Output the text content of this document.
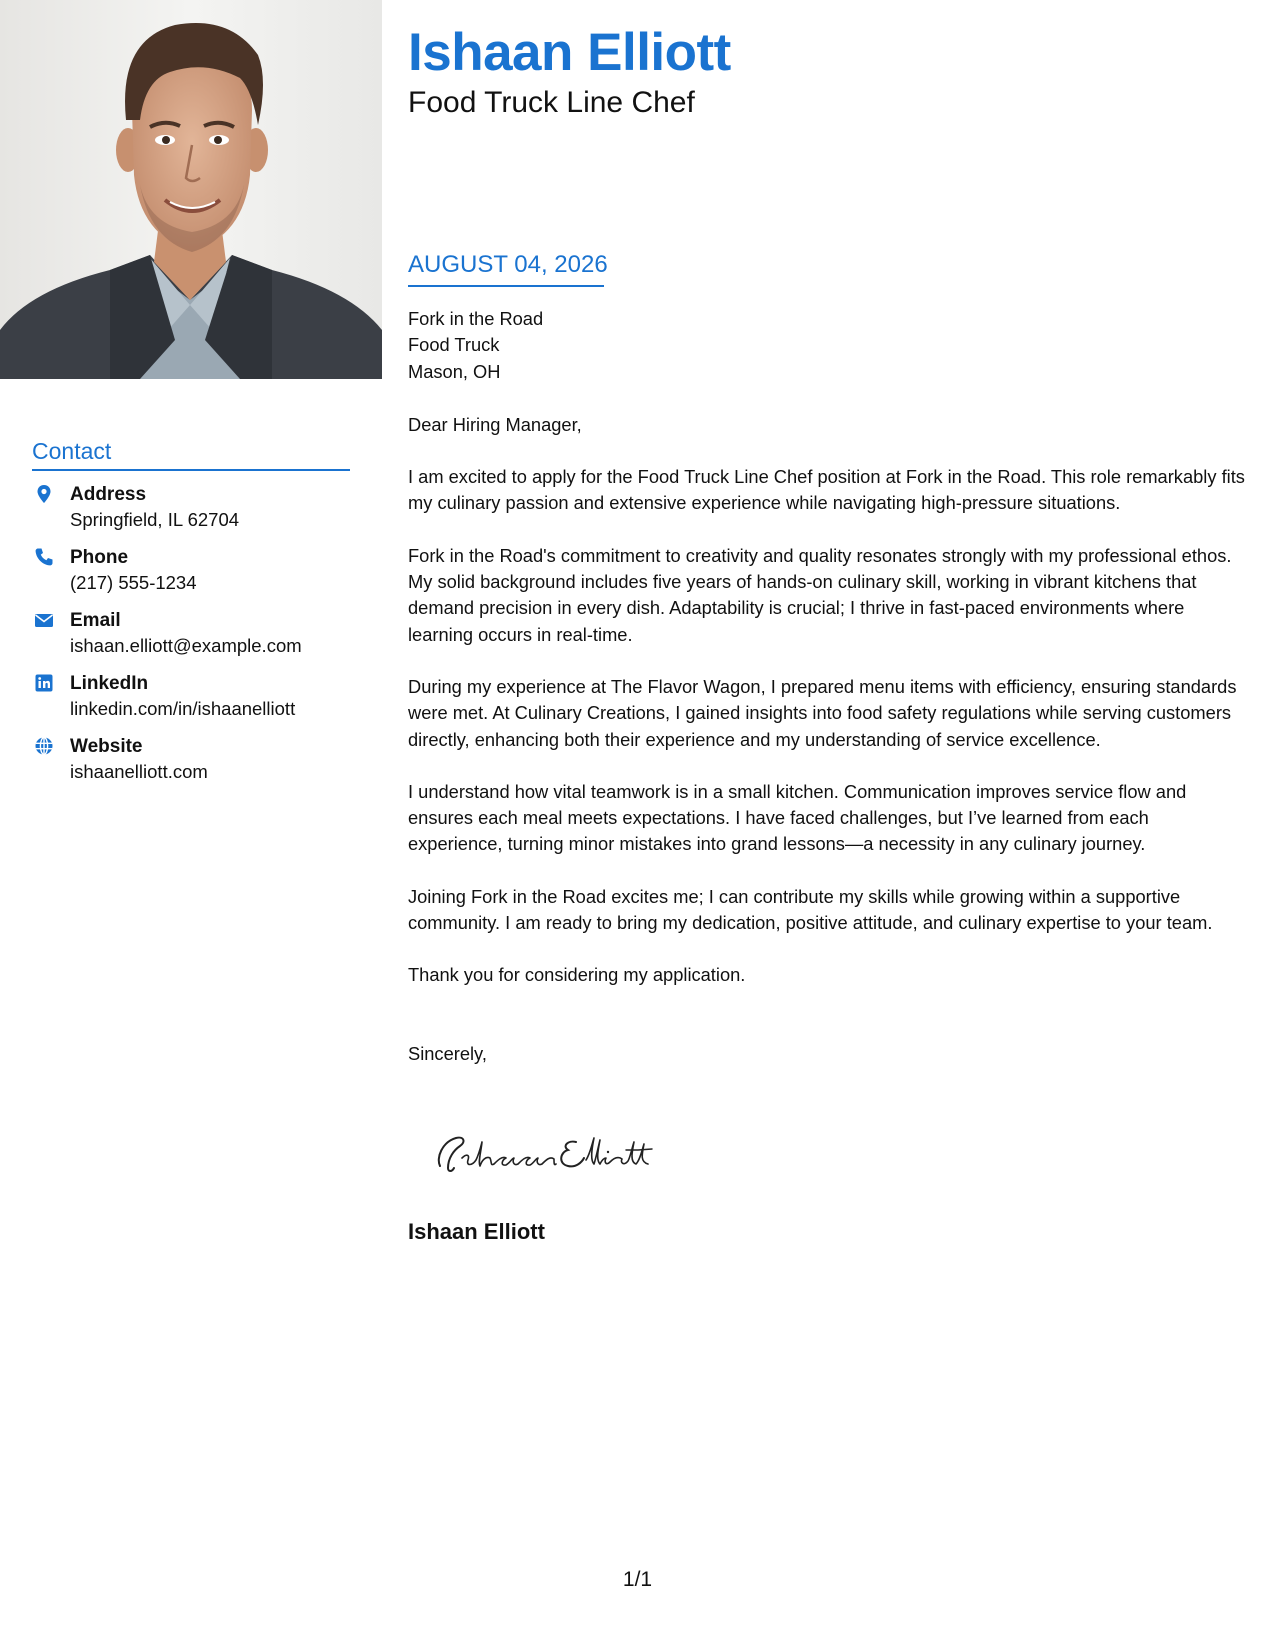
Contact
Address
Springfield, IL 62704
Phone
(217) 555-1234
Email
ishaan.elliott@example.com
LinkedIn
linkedin.com/in/ishaanelliott
Website
ishaanelliott.com
Ishaan Elliott
Food Truck Line Chef
AUGUST 04, 2026
Fork in the Road
Food Truck
Mason, OH

Dear Hiring Manager,

I am excited to apply for the Food Truck Line Chef position at Fork in the Road. This role remarkably fits my culinary passion and extensive experience while navigating high-pressure situations.

Fork in the Road's commitment to creativity and quality resonates strongly with my professional ethos. My solid background includes five years of hands-on culinary skill, working in vibrant kitchens that demand precision in every dish. Adaptability is crucial; I thrive in fast-paced environments where learning occurs in real-time.

During my experience at The Flavor Wagon, I prepared menu items with efficiency, ensuring standards were met. At Culinary Creations, I gained insights into food safety regulations while serving customers directly, enhancing both their experience and my understanding of service excellence.

I understand how vital teamwork is in a small kitchen. Communication improves service flow and ensures each meal meets expectations. I have faced challenges, but I’ve learned from each experience, turning minor mistakes into grand lessons—a necessity in any culinary journey.

Joining Fork in the Road excites me; I can contribute my skills while growing within a supportive community. I am ready to bring my dedication, positive attitude, and culinary expertise to your team.

Thank you for considering my application.

Sincerely,
Ishaan Elliott
1/1
